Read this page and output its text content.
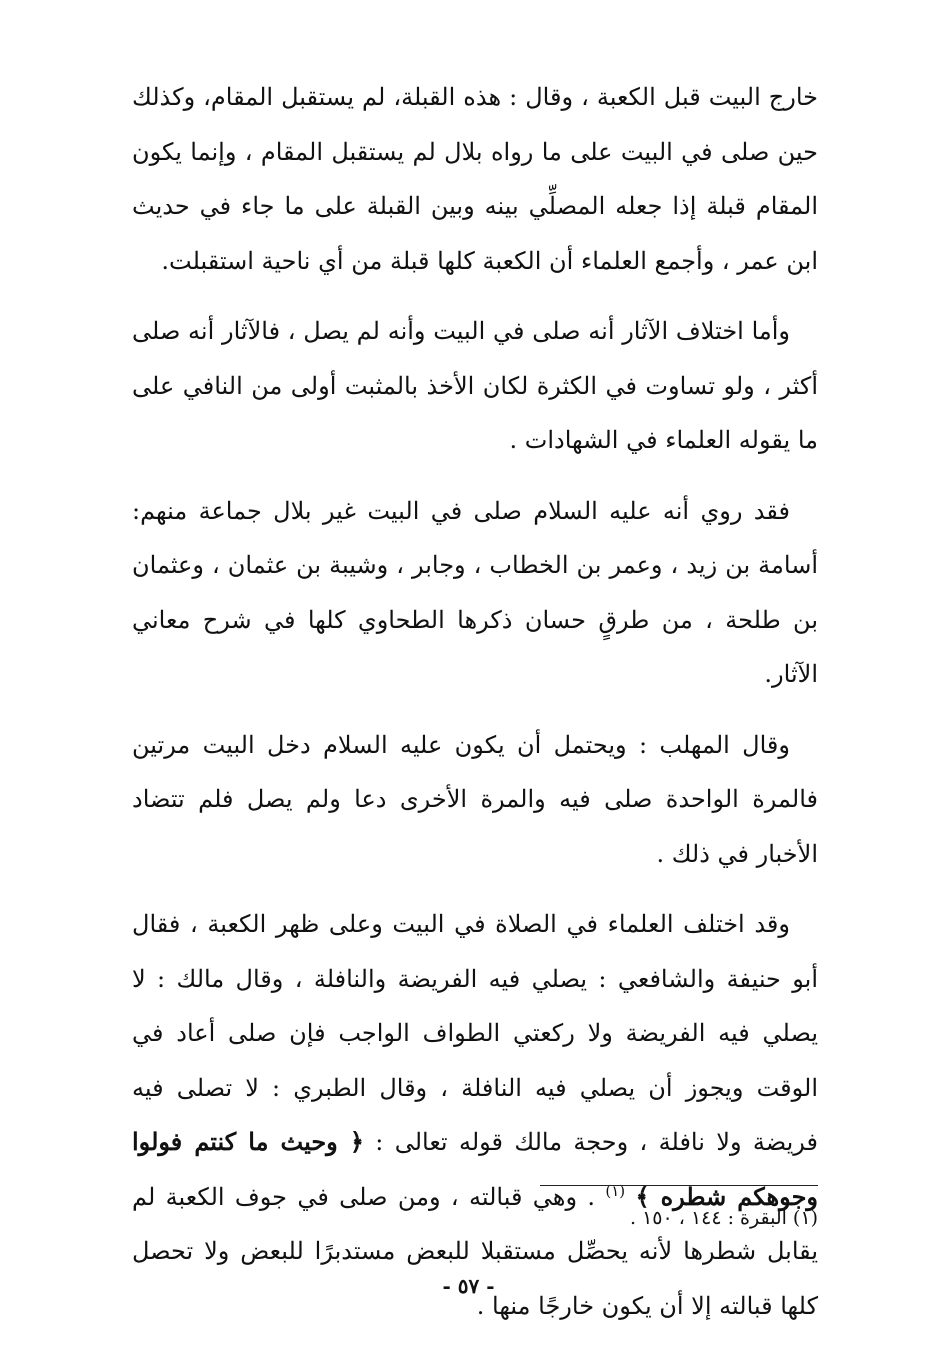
خارج البيت قبل الكعبة ، وقال : هذه القبلة، لم يستقبل المقام، وكذلك حين صلى في البيت على ما رواه بلال لم يستقبل المقام ، وإنما يكون المقام قبلة إذا جعله المصلِّي بينه وبين القبلة على ما جاء في حديث ابن عمر ، وأجمع العلماء أن الكعبة كلها قبلة من أي ناحية استقبلت.

وأما اختلاف الآثار أنه صلى في البيت وأنه لم يصل ، فالآثار أنه صلى أكثر ، ولو تساوت في الكثرة لكان الأخذ بالمثبت أولى من النافي على ما يقوله العلماء في الشهادات .

فقد روي أنه عليه السلام صلى في البيت غير بلال جماعة منهم: أسامة بن زيد ، وعمر بن الخطاب ، وجابر ، وشيبة بن عثمان ، وعثمان بن طلحة ، من طرقٍ حسان ذكرها الطحاوي كلها في شرح معاني الآثار.

وقال المهلب : ويحتمل أن يكون عليه السلام دخل البيت مرتين فالمرة الواحدة صلى فيه والمرة الأخرى دعا ولم يصل فلم تتضاد الأخبار في ذلك .

وقد اختلف العلماء في الصلاة في البيت وعلى ظهر الكعبة ، فقال أبو حنيفة والشافعي : يصلي فيه الفريضة والنافلة ، وقال مالك : لا يصلي فيه الفريضة ولا ركعتي الطواف الواجب فإن صلى أعاد في الوقت ويجوز أن يصلي فيه النافلة ، وقال الطبري : لا تصلى فيه فريضة ولا نافلة ، وحجة مالك قوله تعالى : ﴿ وحيث ما كنتم فولوا وجوهكم شطره ﴾ $^{(١)}$ . وهي قبالته ، ومن صلى في جوف الكعبة لم يقابل شطرها لأنه يحصِّل مستقبلا للبعض مستدبرًا للبعض ولا تحصل كلها قبالته إلا أن يكون خارجًا منها .

(١) البقرة : ١٤٤ ، ١٥٠ .
- ٥٧ -
